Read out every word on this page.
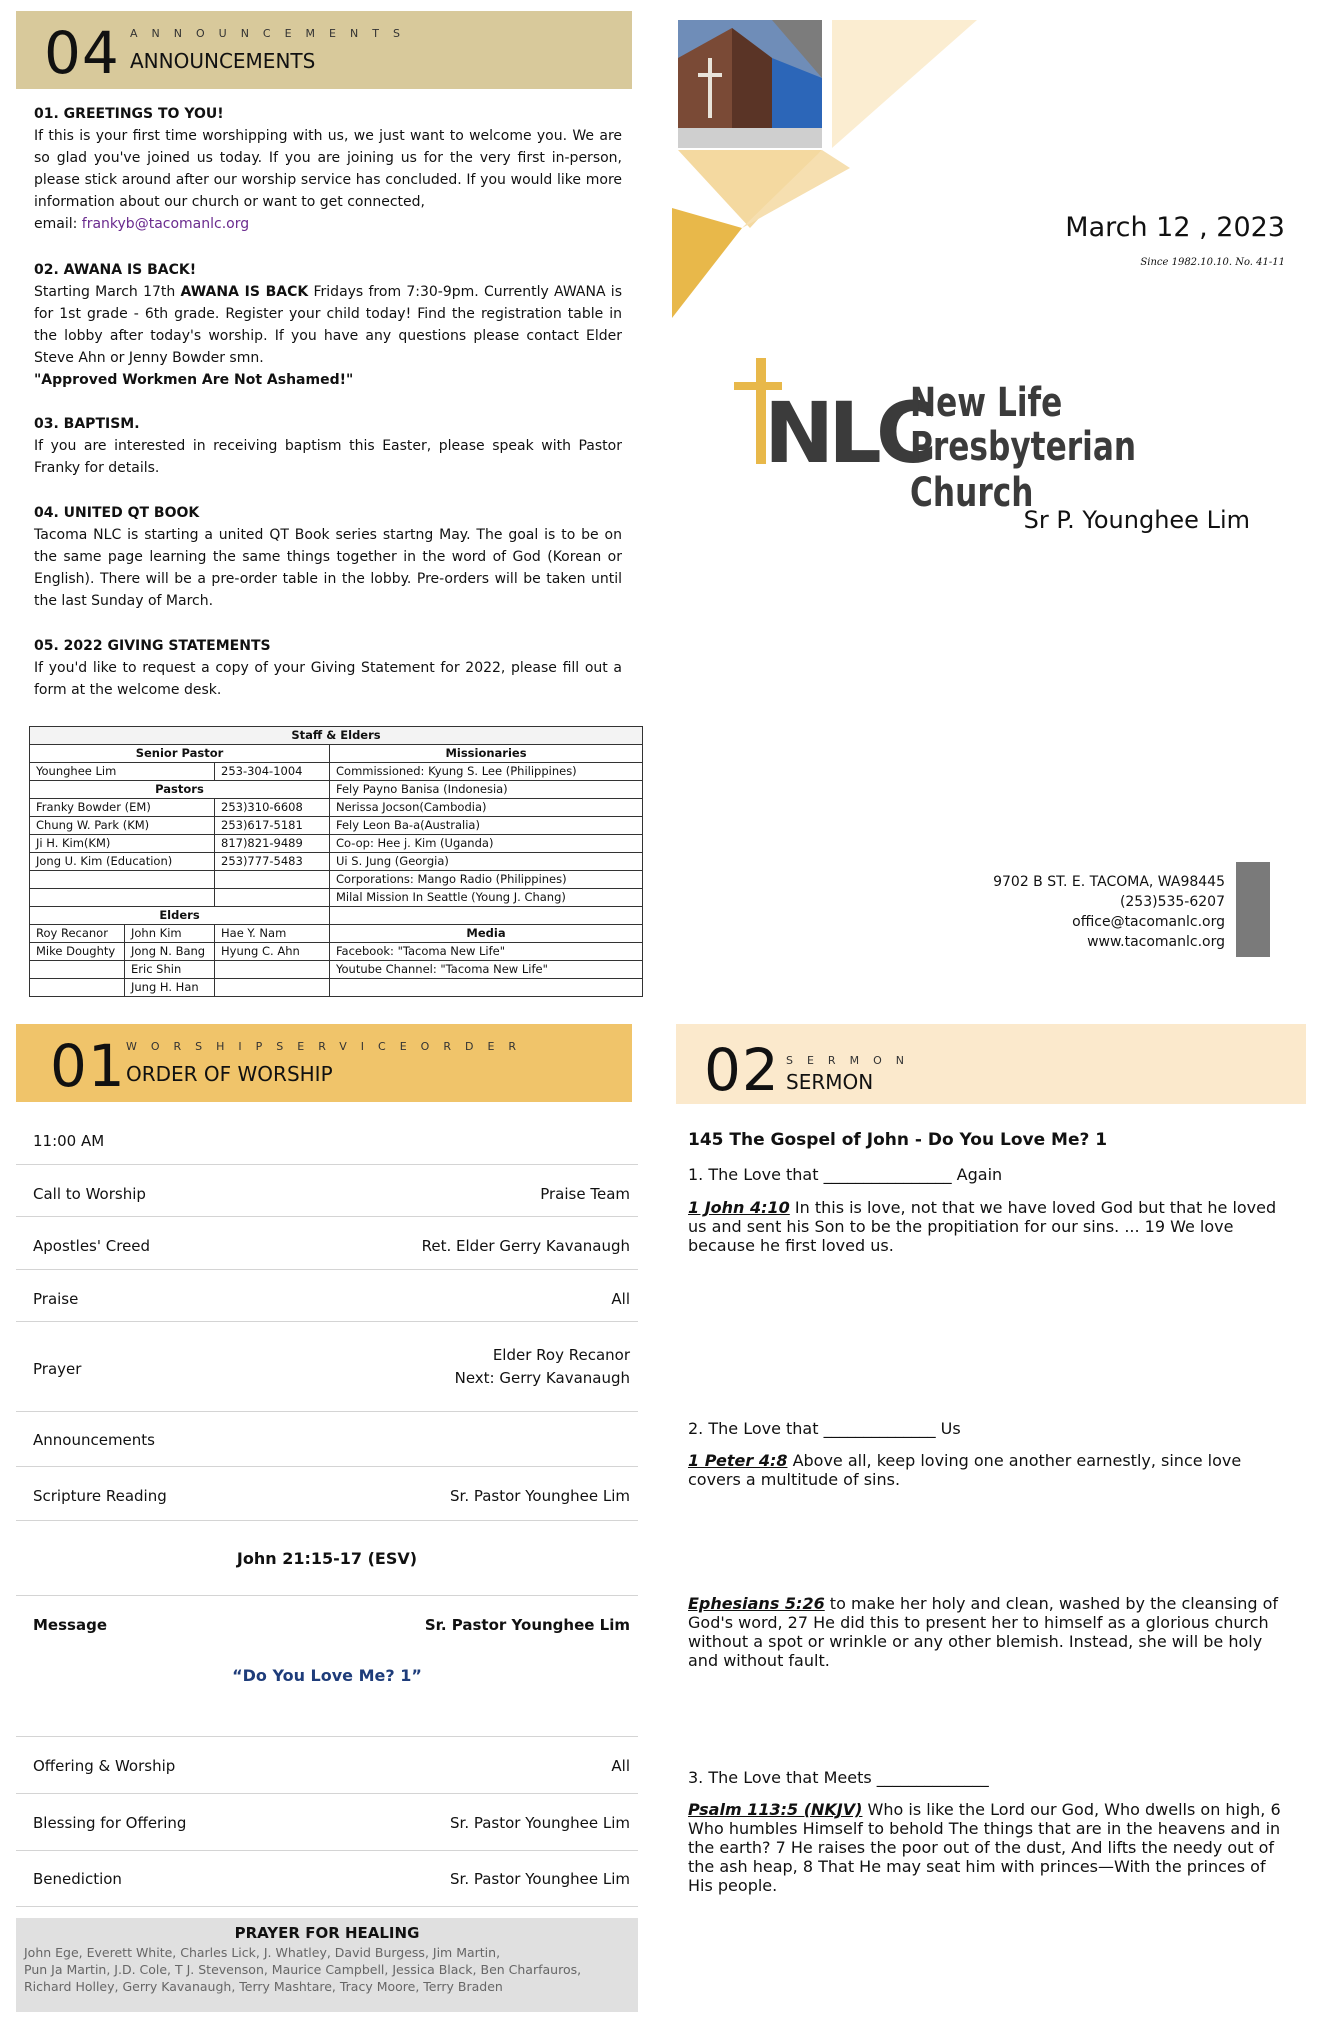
04 ANNOUNCEMENTS
ANNOUNCEMENTS
01. GREETINGS TO YOU!
If this is your first time worshipping with us, we just want to welcome you. We are so glad you've joined us today. If you are joining us for the very first in-person, please stick around after our worship service has concluded. If you would like more information about our church or want to get connected,
email: frankyb@tacomanlc.org
02. AWANA IS BACK!
Starting March 17th AWANA IS BACK Fridays from 7:30-9pm. Currently AWANA is for 1st grade - 6th grade. Register your child today! Find the registration table in the lobby after today's worship. If you have any questions please contact Elder Steve Ahn or Jenny Bowder smn.
"Approved Workmen Are Not Ashamed!"
03. BAPTISM.
If you are interested in receiving baptism this Easter, please speak with Pastor Franky for details.
04. UNITED QT BOOK
Tacoma NLC is starting a united QT Book series startng May. The goal is to be on the same page learning the same things together in the word of God (Korean or English). There will be a pre-order table in the lobby. Pre-orders will be taken until the last Sunday of March.
05. 2022 GIVING STATEMENTS
If you'd like to request a copy of your Giving Statement for 2022, please fill out a form at the welcome desk.
Staff & Elders			
Senior Pastor			Missionaries
Younghee Lim		253-304-1004	Commissioned: Kyung S. Lee (Philippines)
Pastors			Fely Payno Banisa (Indonesia)
Franky Bowder (EM)		253)310-6608	Nerissa Jocson(Cambodia)
Chung W. Park (KM)		253)617-5181	Fely Leon Ba-a(Australia)
Ji H. Kim(KM)		817)821-9489	Co-op: Hee j. Kim (Uganda)
Jong U. Kim (Education)		253)777-5483	Ui S. Jung (Georgia)
			Corporations: Mango Radio (Philippines)
			Milal Mission In Seattle (Young J. Chang)
Elders			
Roy Recanor	John Kim	Hae Y. Nam	Media
Mike Doughty	Jong N. Bang	Hyung C. Ahn	Facebook: "Tacoma New Life"
	Eric Shin		Youtube Channel: "Tacoma New Life"
	Jung H. Han		
March 12 , 2023
Since 1982.10.10. No. 41-11
NLC
New Life
Presbyterian Church
Sr P. Younghee Lim
9702 B ST. E. TACOMA, WA98445
(253)535-6207
office@tacomanlc.org
www.tacomanlc.org
01 WORSHIPSERVICEORDER
ORDER OF WORSHIP
11:00 AM
Call to Worship	Praise Team
Apostles' Creed	Ret. Elder Gerry Kavanaugh
Praise	All
Prayer
Elder Roy Recanor
Next: Gerry Kavanaugh
Announcements
Scripture Reading	Sr. Pastor Younghee Lim
John 21:15-17 (ESV)
Message	Sr. Pastor Younghee Lim
“Do You Love Me? 1”
Offering & Worship	All
Blessing for Offering	Sr. Pastor Younghee Lim
Benediction	Sr. Pastor Younghee Lim
PRAYER FOR HEALING
John Ege, Everett White, Charles Lick, J. Whatley, David Burgess, Jim Martin,
Pun Ja Martin, J.D. Cole, T J. Stevenson, Maurice Campbell, Jessica Black, Ben Charfauros,
Richard Holley, Gerry Kavanaugh, Terry Mashtare, Tracy Moore, Terry Braden
02 SERMON
SERMON
145 The Gospel of John - Do You Love Me? 1
1. The Love that ________________ Again
1 John 4:10 In this is love, not that we have loved God but that he loved us and sent his Son to be the propitiation for our sins. ... 19 We love because he first loved us.
2. The Love that ______________ Us
1 Peter 4:8 Above all, keep loving one another earnestly, since love covers a multitude of sins.
Ephesians 5:26 to make her holy and clean, washed by the cleansing of God's word, 27 He did this to present her to himself as a glorious church without a spot or wrinkle or any other blemish. Instead, she will be holy and without fault.
3. The Love that Meets ______________
Psalm 113:5 (NKJV) Who is like the Lord our God, Who dwells on high, 6 Who humbles Himself to behold The things that are in the heavens and in the earth? 7 He raises the poor out of the dust, And lifts the needy out of the ash heap, 8 That He may seat him with princes—With the princes of His people.
